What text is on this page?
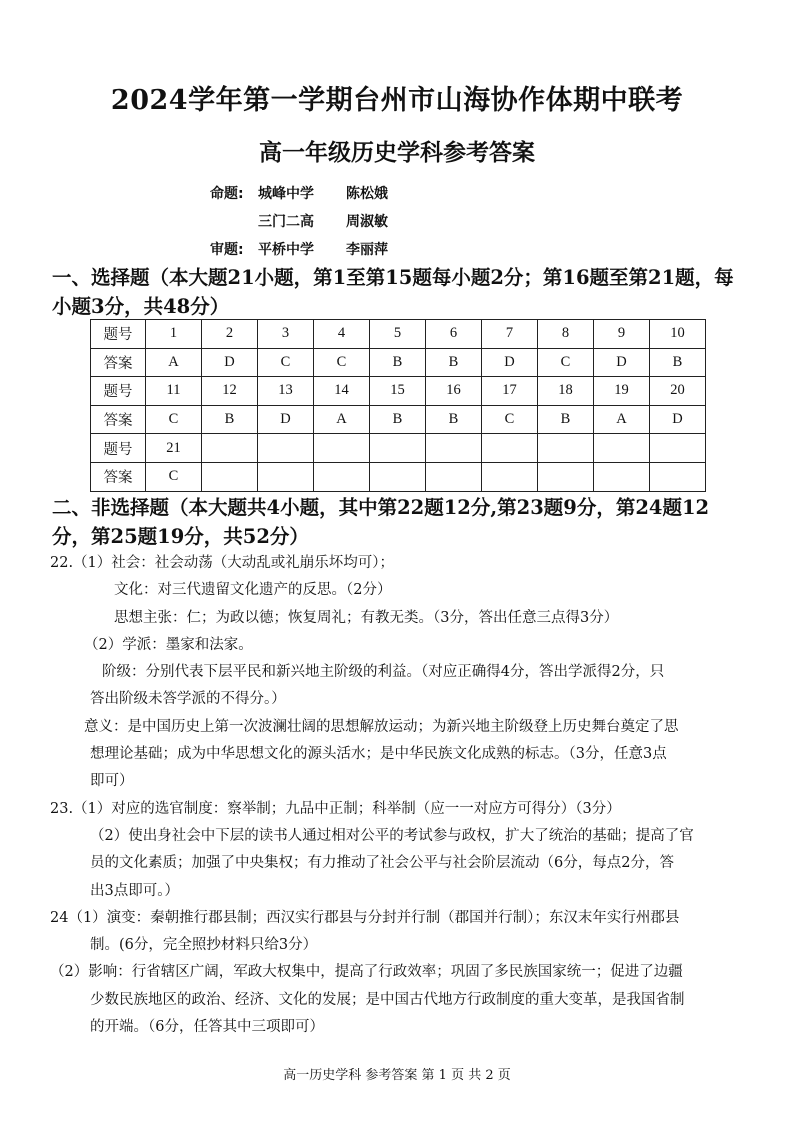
2024学年第一学期台州市山海协作体期中联考
高一年级历史学科参考答案
命题: 城峰中学 陈松娥
三门二高 周淑敏
审题: 平桥中学 李丽萍
一、选择题（本大题21小题，第1至第15题每小题2分；第16题至第21题，每小题3分，共48分）
题号	1	2	3	4	5	6	7	8	9	10
答案	A	D	C	C	B	B	D	C	D	B
题号	11	12	13	14	15	16	17	18	19	20
答案	C	B	D	A	B	B	C	B	A	D
题号	21									
答案	C									
二、非选择题（本大题共4小题，其中第22题12分,第23题9分，第24题12分，第25题19分，共52分）

22.（1）社会：社会动荡（大动乱或礼崩乐坏均可）；

文化：对三代遗留文化遗产的反思。（2分）

思想主张：仁；为政以德；恢复周礼；有教无类。（3分，答出任意三点得3分）

（2）学派：墨家和法家。

阶级：分别代表下层平民和新兴地主阶级的利益。（对应正确得4分，答出学派得2分，只

答出阶级未答学派的不得分。）

意义：是中国历史上第一次波澜壮阔的思想解放运动；为新兴地主阶级登上历史舞台奠定了思

想理论基础；成为中华思想文化的源头活水；是中华民族文化成熟的标志。（3分，任意3点

即可）

23.（1）对应的选官制度：察举制；九品中正制；科举制（应一一对应方可得分）（3分）

（2）使出身社会中下层的读书人通过相对公平的考试参与政权，扩大了统治的基础；提高了官

员的文化素质；加强了中央集权；有力推动了社会公平与社会阶层流动（6分，每点2分，答

出3点即可。）

24（1）演变：秦朝推行郡县制；西汉实行郡县与分封并行制（郡国并行制）；东汉末年实行州郡县

制。(6分，完全照抄材料只给3分）

（2）影响：行省辖区广阔，军政大权集中，提高了行政效率；巩固了多民族国家统一；促进了边疆

少数民族地区的政治、经济、文化的发展；是中国古代地方行政制度的重大变革，是我国省制

的开端。（6分，任答其中三项即可）

高一历史学科 参考答案 第 1 页 共 2 页
